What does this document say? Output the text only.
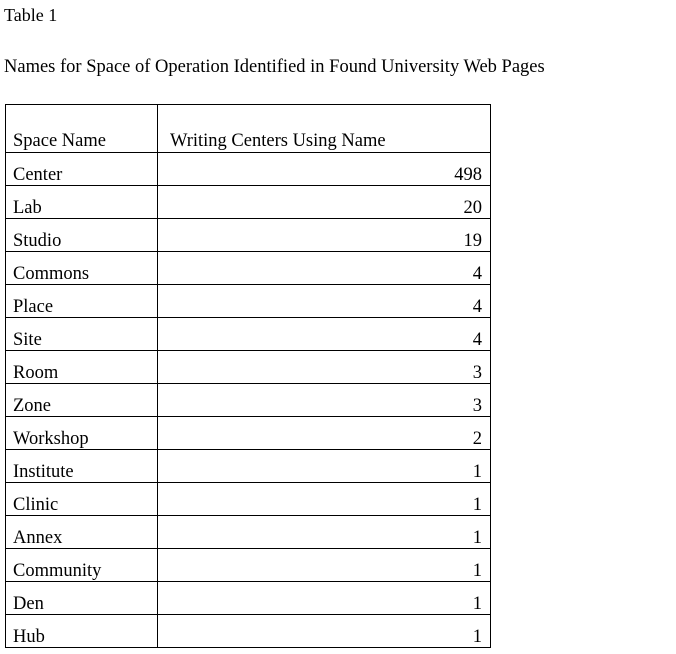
Table 1

Names for Space of Operation Identified in Found University Web Pages

Space Name	Writing Centers Using Name
Center	498
Lab	20
Studio	19
Commons	4
Place	4
Site	4
Room	3
Zone	3
Workshop	2
Institute	1
Clinic	1
Annex	1
Community	1
Den	1
Hub	1
